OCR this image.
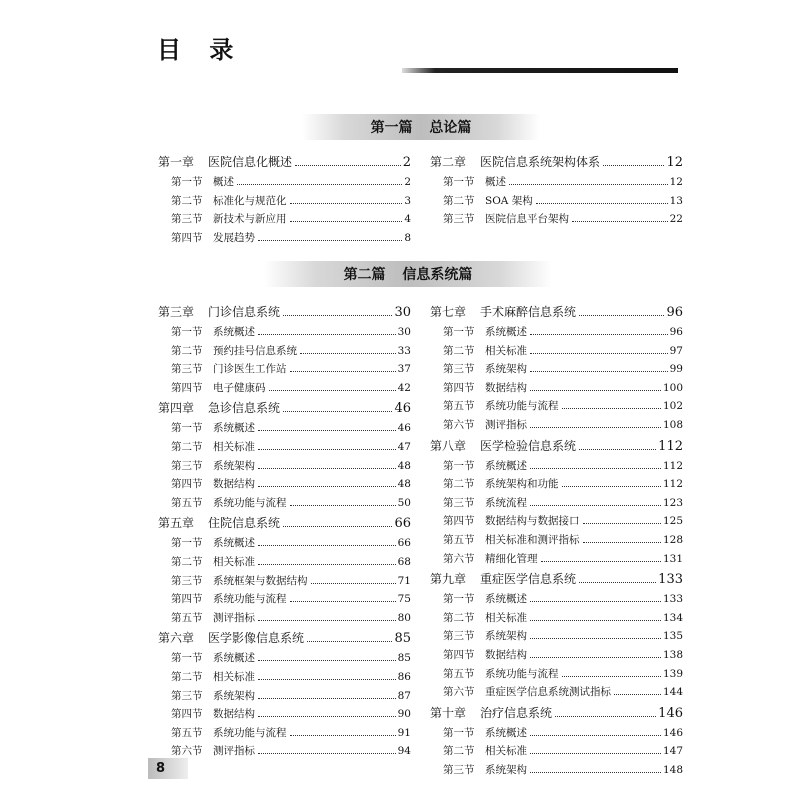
目 录
第一篇 总论篇
第一章 医院信息化概述	2
第一节 概述	2
第二节 标准化与规范化	3
第三节 新技术与新应用	4
第四节 发展趋势	8
第二章 医院信息系统架构体系	12
第一节 概述	12
第二节 SOA 架构	13
第三节 医院信息平台架构	22
第二篇 信息系统篇
第三章 门诊信息系统	30
第一节 系统概述	30
第二节 预约挂号信息系统	33
第三节 门诊医生工作站	37
第四节 电子健康码	42
第四章 急诊信息系统	46
第一节 系统概述	46
第二节 相关标准	47
第三节 系统架构	48
第四节 数据结构	48
第五节 系统功能与流程	50
第五章 住院信息系统	66
第一节 系统概述	66
第二节 相关标准	68
第三节 系统框架与数据结构	71
第四节 系统功能与流程	75
第五节 测评指标	80
第六章 医学影像信息系统	85
第一节 系统概述	85
第二节 相关标准	86
第三节 系统架构	87
第四节 数据结构	90
第五节 系统功能与流程	91
第六节 测评指标	94
第七章 手术麻醉信息系统	96
第一节 系统概述	96
第二节 相关标准	97
第三节 系统架构	99
第四节 数据结构	100
第五节 系统功能与流程	102
第六节 测评指标	108
第八章 医学检验信息系统	112
第一节 系统概述	112
第二节 系统架构和功能	112
第三节 系统流程	123
第四节 数据结构与数据接口	125
第五节 相关标准和测评指标	128
第六节 精细化管理	131
第九章 重症医学信息系统	133
第一节 系统概述	133
第二节 相关标准	134
第三节 系统架构	135
第四节 数据结构	138
第五节 系统功能与流程	139
第六节 重症医学信息系统测试指标	144
第十章 治疗信息系统	146
第一节 系统概述	146
第二节 相关标准	147
第三节 系统架构	148
8
